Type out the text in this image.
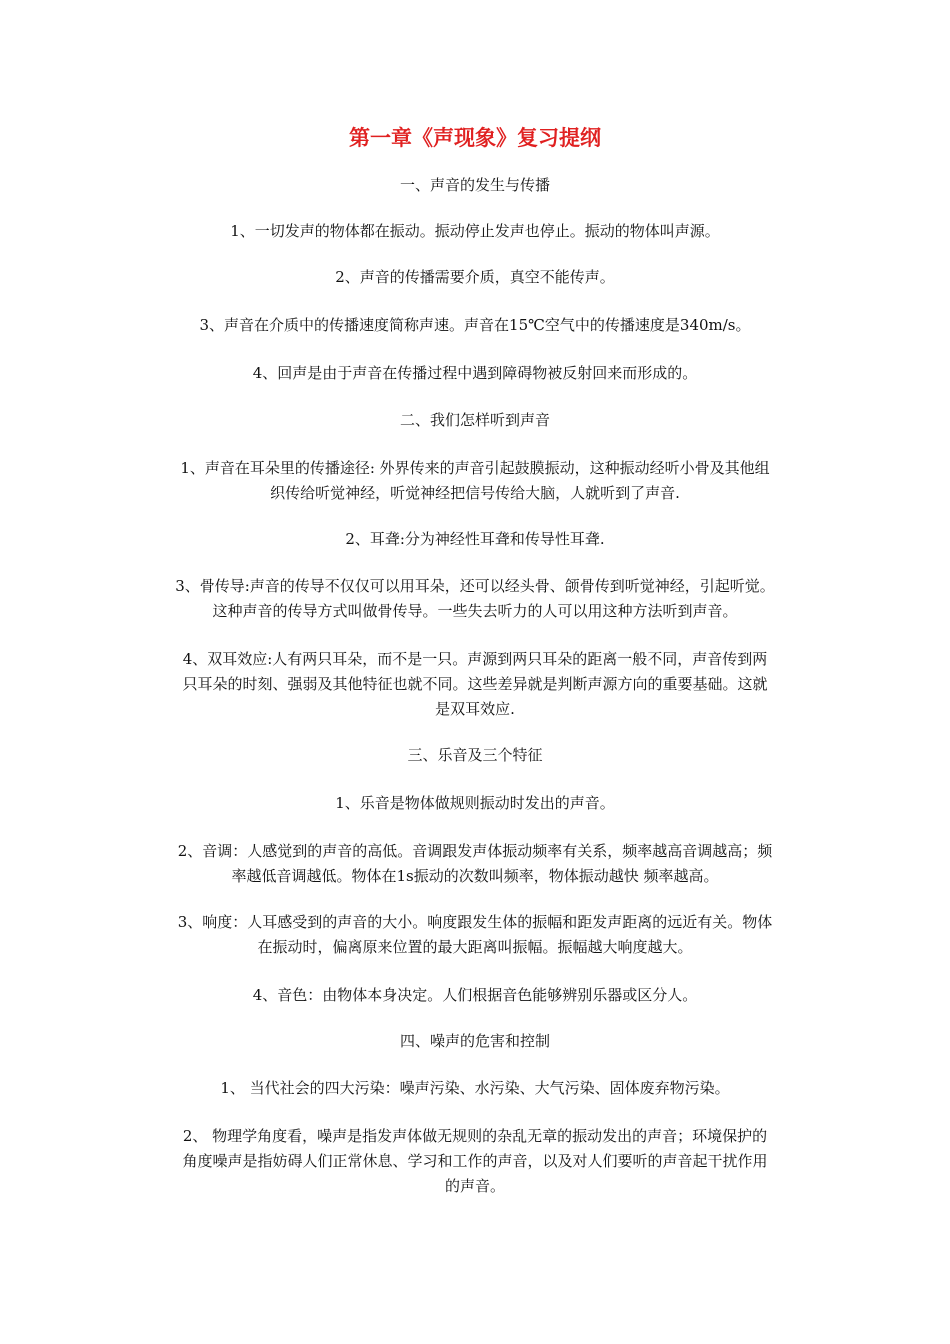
第一章《声现象》复习提纲
一、声音的发生与传播
1、一切发声的物体都在振动。振动停止发声也停止。振动的物体叫声源。
2、声音的传播需要介质，真空不能传声。
3、声音在介质中的传播速度简称声速。声音在15℃空气中的传播速度是340m/s。
4、回声是由于声音在传播过程中遇到障碍物被反射回来而形成的。
二、我们怎样听到声音
1、声音在耳朵里的传播途径: 外界传来的声音引起鼓膜振动，这种振动经听小骨及其他组
织传给听觉神经，听觉神经把信号传给大脑，人就听到了声音.
2、耳聋:分为神经性耳聋和传导性耳聋.
3、骨传导:声音的传导不仅仅可以用耳朵，还可以经头骨、颌骨传到听觉神经，引起听觉。
这种声音的传导方式叫做骨传导。一些失去听力的人可以用这种方法听到声音。
4、双耳效应:人有两只耳朵，而不是一只。声源到两只耳朵的距离一般不同，声音传到两
只耳朵的时刻、强弱及其他特征也就不同。这些差异就是判断声源方向的重要基础。这就
是双耳效应.
三、乐音及三个特征
1、乐音是物体做规则振动时发出的声音。
2、音调：人感觉到的声音的高低。音调跟发声体振动频率有关系，频率越高音调越高；频
率越低音调越低。物体在1s振动的次数叫频率，物体振动越快 频率越高。
3、响度：人耳感受到的声音的大小。响度跟发生体的振幅和距发声距离的远近有关。物体
在振动时，偏离原来位置的最大距离叫振幅。振幅越大响度越大。
4、音色：由物体本身决定。人们根据音色能够辨别乐器或区分人。
四、噪声的危害和控制
1、 当代社会的四大污染：噪声污染、水污染、大气污染、固体废弃物污染。
2、 物理学角度看，噪声是指发声体做无规则的杂乱无章的振动发出的声音；环境保护的
角度噪声是指妨碍人们正常休息、学习和工作的声音，以及对人们要听的声音起干扰作用
的声音。
